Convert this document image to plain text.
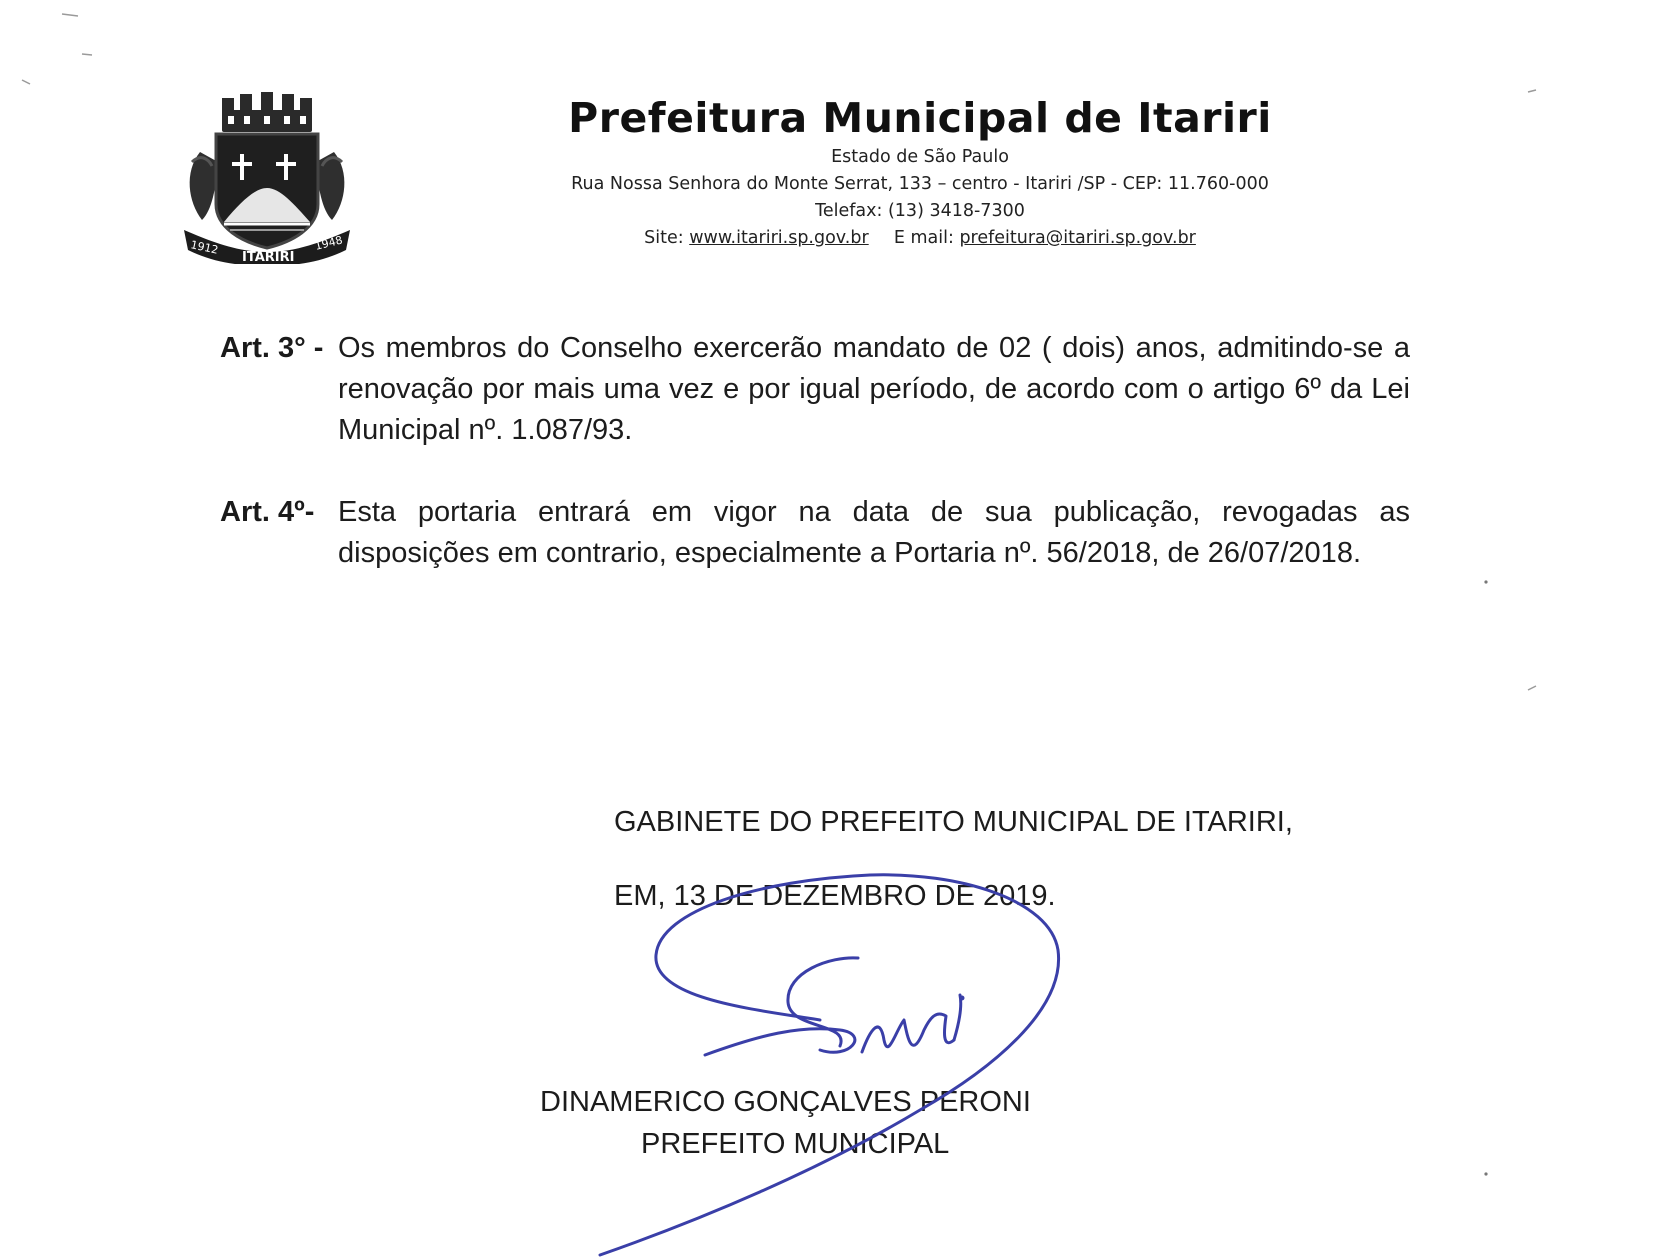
1912
ITARIRI
1948
Prefeitura Municipal de Itariri
Estado de São Paulo
Rua Nossa Senhora do Monte Serrat, 133 – centro - Itariri /SP - CEP: 11.760-000
Telefax: (13) 3418-7300
Site: www.itariri.sp.gov.br E mail: prefeitura@itariri.sp.gov.br
Art. 3° - Os membros do Conselho exercerão mandato de 02 ( dois) anos, admitindo-se a renovação por mais uma vez e por igual período, de acordo com o artigo 6º da Lei Municipal nº. 1.087/93.
Art. 4º- Esta portaria entrará em vigor na data de sua publicação, revogadas as disposições em contrario, especialmente a Portaria nº. 56/2018, de 26/07/2018.
GABINETE DO PREFEITO MUNICIPAL DE ITARIRI,
EM, 13 DE DEZEMBRO DE 2019.
DINAMERICO GONÇALVES PERONI
PREFEITO MUNICIPAL
